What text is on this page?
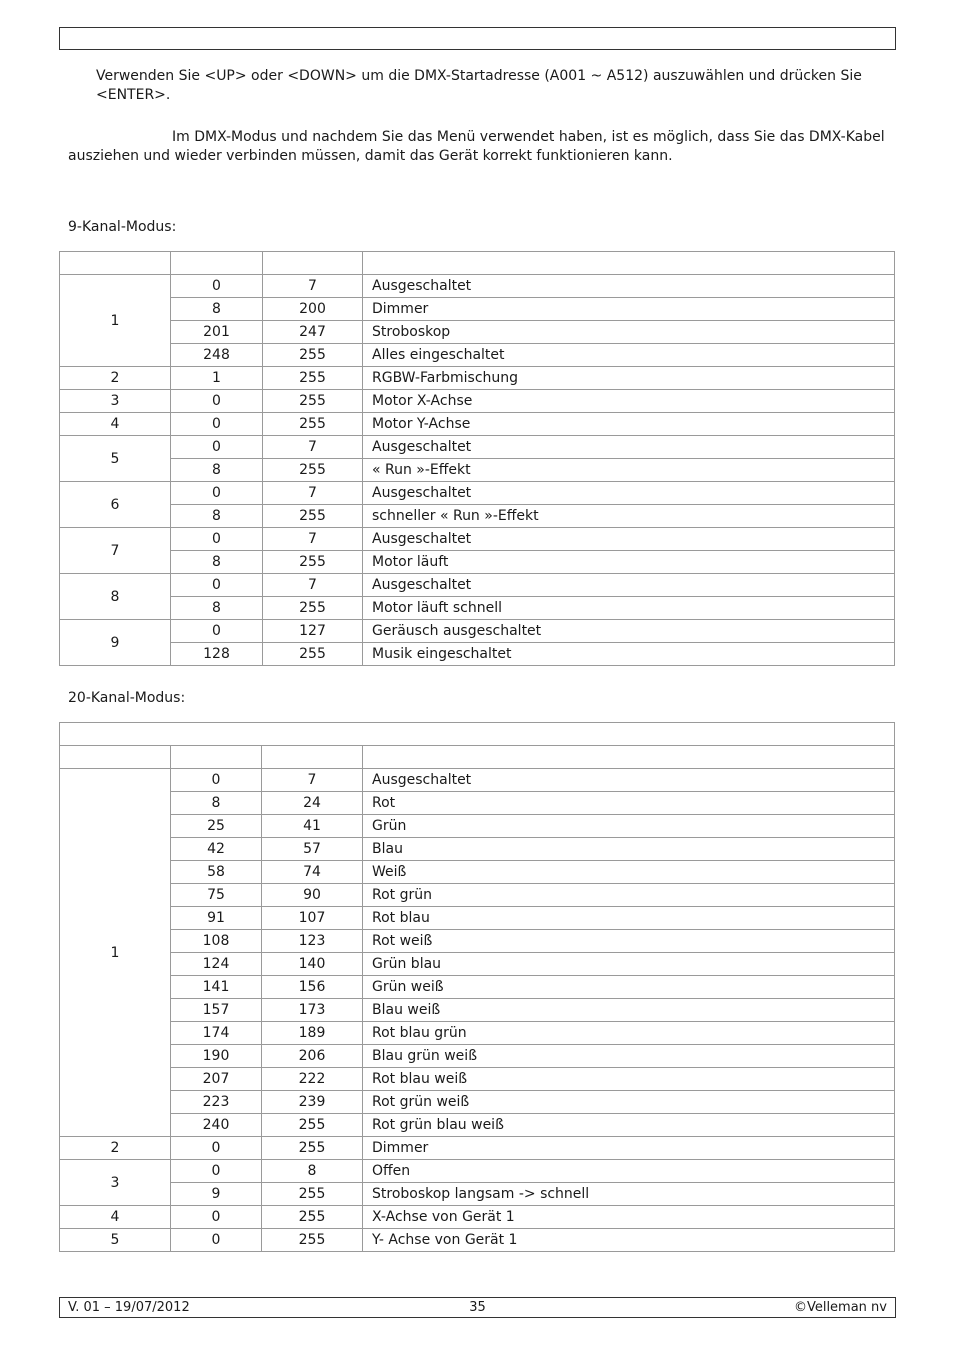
Verwenden Sie <UP> oder <DOWN> um die DMX-Startadresse (A001 ~ A512) auszuwählen und drücken Sie <ENTER>.

Im DMX-Modus und nachdem Sie das Menü verwendet haben, ist es möglich, dass Sie das DMX-Kabel ausziehen und wieder verbinden müssen, damit das Gerät korrekt funktionieren kann.

9-Kanal-Modus:

1	0	7	Ausgeschaltet
	8	200	Dimmer
	201	247	Stroboskop
	248	255	Alles eingeschaltet
2	1	255	RGBW-Farbmischung
3	0	255	Motor X-Achse
4	0	255	Motor Y-Achse
5	0	7	Ausgeschaltet
	8	255	« Run »-Effekt
6	0	7	Ausgeschaltet
	8	255	schneller « Run »-Effekt
7	0	7	Ausgeschaltet
	8	255	Motor läuft
8	0	7	Ausgeschaltet
	8	255	Motor läuft schnell
9	0	127	Geräusch ausgeschaltet
	128	255	Musik eingeschaltet
20-Kanal-Modus:

1	0	7	Ausgeschaltet
	8	24	Rot
	25	41	Grün
	42	57	Blau
	58	74	Weiß
	75	90	Rot grün
	91	107	Rot blau
	108	123	Rot weiß
	124	140	Grün blau
	141	156	Grün weiß
	157	173	Blau weiß
	174	189	Rot blau grün
	190	206	Blau grün weiß
	207	222	Rot blau weiß
	223	239	Rot grün weiß
	240	255	Rot grün blau weiß
2	0	255	Dimmer
3	0	8	Offen
	9	255	Stroboskop langsam -> schnell
4	0	255	X-Achse von Gerät 1
5	0	255	Y- Achse von Gerät 1
V. 01 – 19/07/2012	35	©Velleman nv
